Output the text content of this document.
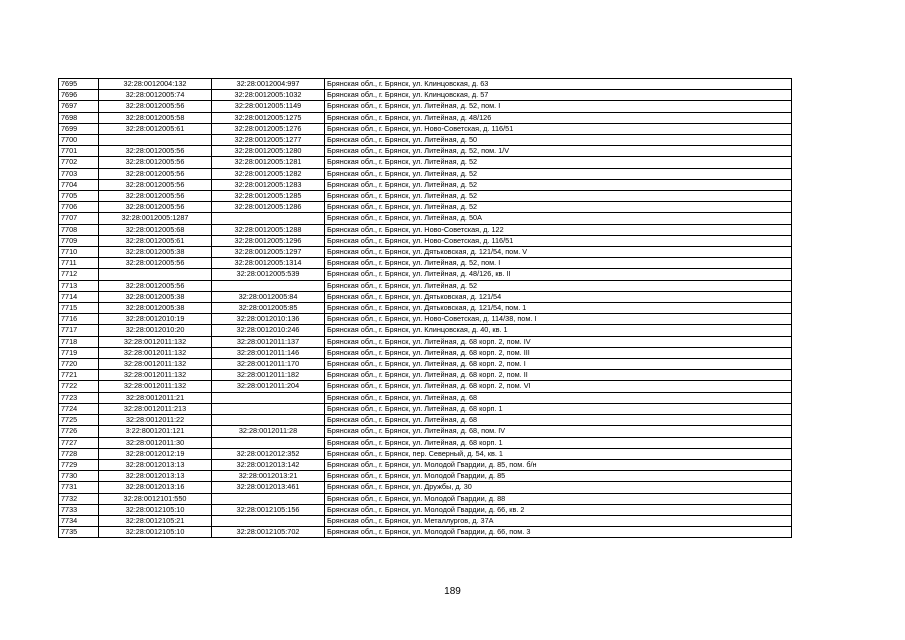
7695	32:28:0012004:132	32:28:0012004:997	Брянская обл., г. Брянск, ул. Клинцовская, д. 63
7696	32:28:0012005:74	32:28:0012005:1032	Брянская обл., г. Брянск, ул. Клинцовская, д. 57
7697	32:28:0012005:56	32:28:0012005:1149	Брянская обл., г. Брянск, ул. Литейная, д. 52, пом. I
7698	32:28:0012005:58	32:28:0012005:1275	Брянская обл., г. Брянск, ул. Литейная, д. 48/126
7699	32:28:0012005:61	32:28:0012005:1276	Брянская обл., г. Брянск, ул. Ново-Советская, д. 116/51
7700		32:28:0012005:1277	Брянская обл., г. Брянск, ул. Литейная, д. 50
7701	32:28:0012005:56	32:28:0012005:1280	Брянская обл., г. Брянск, ул. Литейная, д. 52, пом. 1/V
7702	32:28:0012005:56	32:28:0012005:1281	Брянская обл., г. Брянск, ул. Литейная, д. 52
7703	32:28:0012005:56	32:28:0012005:1282	Брянская обл., г. Брянск, ул. Литейная, д. 52
7704	32:28:0012005:56	32:28:0012005:1283	Брянская обл., г. Брянск, ул. Литейная, д. 52
7705	32:28:0012005:56	32:28:0012005:1285	Брянская обл., г. Брянск, ул. Литейная, д. 52
7706	32:28:0012005:56	32:28:0012005:1286	Брянская обл., г. Брянск, ул. Литейная, д. 52
7707	32:28:0012005:1287		Брянская обл., г. Брянск, ул. Литейная, д. 50А
7708	32:28:0012005:68	32:28:0012005:1288	Брянская обл., г. Брянск, ул. Ново-Советская, д. 122
7709	32:28:0012005:61	32:28:0012005:1296	Брянская обл., г. Брянск, ул. Ново-Советская, д. 116/51
7710	32:28:0012005:38	32:28:0012005:1297	Брянская обл., г. Брянск, ул. Дятьковская, д. 121/54, пом. V
7711	32:28:0012005:56	32:28:0012005:1314	Брянская обл., г. Брянск, ул. Литейная, д. 52, пом. I
7712		32:28:0012005:539	Брянская обл., г. Брянск, ул. Литейная, д. 48/126, кв. II
7713	32:28:0012005:56		Брянская обл., г. Брянск, ул. Литейная, д. 52
7714	32:28:0012005:38	32:28:0012005:84	Брянская обл., г. Брянск, ул. Дятьковская, д. 121/54
7715	32:28:0012005:38	32:28:0012005:85	Брянская обл., г. Брянск, ул. Дятьковская, д. 121/54, пом. 1
7716	32:28:0012010:19	32:28:0012010:136	Брянская обл., г. Брянск, ул. Ново-Советская, д. 114/38, пом. I
7717	32:28:0012010:20	32:28:0012010:246	Брянская обл., г. Брянск, ул. Клинцовская, д. 40, кв. 1
7718	32:28:0012011:132	32:28:0012011:137	Брянская обл., г. Брянск, ул. Литейная, д. 68 корп. 2, пом. IV
7719	32:28:0012011:132	32:28:0012011:146	Брянская обл., г. Брянск, ул. Литейная, д. 68 корп. 2, пом. III
7720	32:28:0012011:132	32:28:0012011:170	Брянская обл., г. Брянск, ул. Литейная, д. 68 корп. 2, пом. I
7721	32:28:0012011:132	32:28:0012011:182	Брянская обл., г. Брянск, ул. Литейная, д. 68 корп. 2, пом. II
7722	32:28:0012011:132	32:28:0012011:204	Брянская обл., г. Брянск, ул. Литейная, д. 68 корп. 2, пом. VI
7723	32:28:0012011:21		Брянская обл., г. Брянск, ул. Литейная, д. 68
7724	32:28:0012011:213		Брянская обл., г. Брянск, ул. Литейная, д. 68 корп. 1
7725	32:28:0012011:22		Брянская обл., г. Брянск, ул. Литейная, д. 68
7726	3:22:8001201:121	32:28:0012011:28	Брянская обл., г. Брянск, ул. Литейная, д. 68, пом. IV
7727	32:28:0012011:30		Брянская обл., г. Брянск, ул. Литейная, д. 68 корп. 1
7728	32:28:0012012:19	32:28:0012012:352	Брянская обл., г. Брянск, пер. Северный, д. 54, кв. 1
7729	32:28:0012013:13	32:28:0012013:142	Брянская обл., г. Брянск, ул. Молодой Гвардии, д. 85, пом. б/н
7730	32:28:0012013:13	32:28:0012013:21	Брянская обл., г. Брянск, ул. Молодой Гвардии, д. 85
7731	32:28:0012013:16	32:28:0012013:461	Брянская обл., г. Брянск, ул. Дружбы, д. 30
7732	32:28:0012101:550		Брянская обл., г. Брянск, ул. Молодой Гвардии, д. 88
7733	32:28:0012105:10	32:28:0012105:156	Брянская обл., г. Брянск, ул. Молодой Гвардии, д. 66, кв. 2
7734	32:28:0012105:21		Брянская обл., г. Брянск, ул. Металлургов, д. 37А
7735	32:28:0012105:10	32:28:0012105:702	Брянская обл., г. Брянск, ул. Молодой Гвардии, д. 66, пом. 3
189
